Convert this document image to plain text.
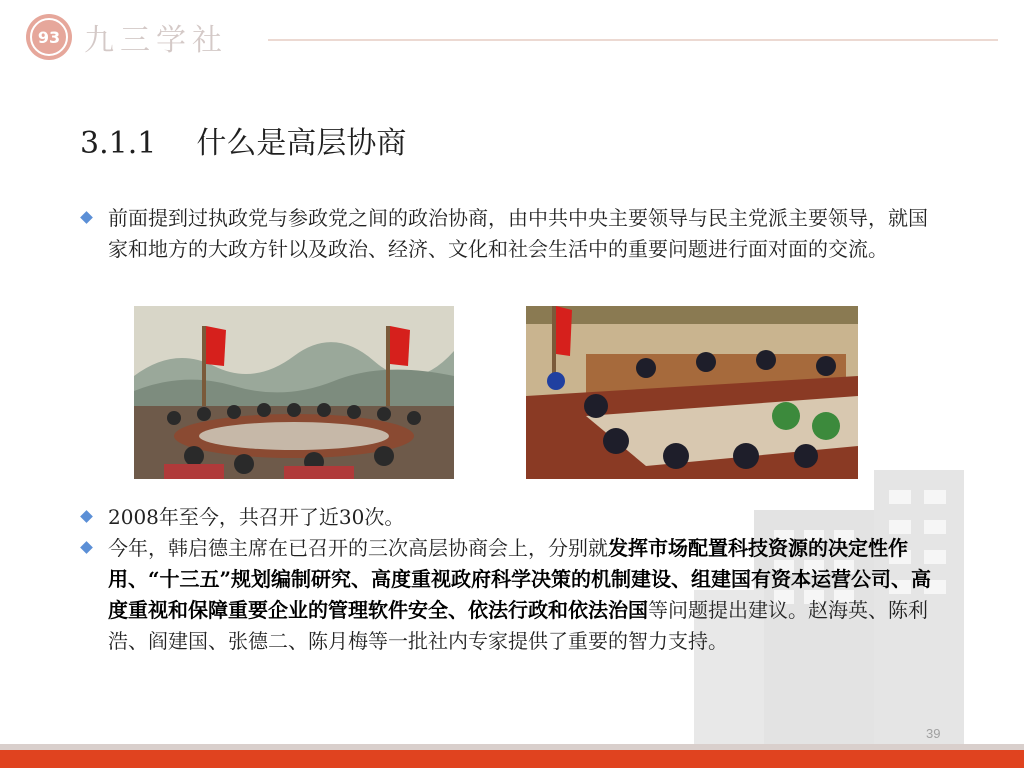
93 九三学社
3.1.1 什么是高层协商
前面提到过执政党与参政党之间的政治协商，由中共中央主要领导与民主党派主要领导，就国家和地方的大政方针以及政治、经济、文化和社会生活中的重要问题进行面对面的交流。
2008年至今，共召开了近30次。
今年，韩启德主席在已召开的三次高层协商会上，分别就发挥市场配置科技资源的决定性作用、“十三五”规划编制研究、高度重视政府科学决策的机制建设、组建国有资本运营公司、高度重视和保障重要企业的管理软件安全、依法行政和依法治国等问题提出建议。赵海英、陈利浩、阎建国、张德二、陈月梅等一批社内专家提供了重要的智力支持。
39
